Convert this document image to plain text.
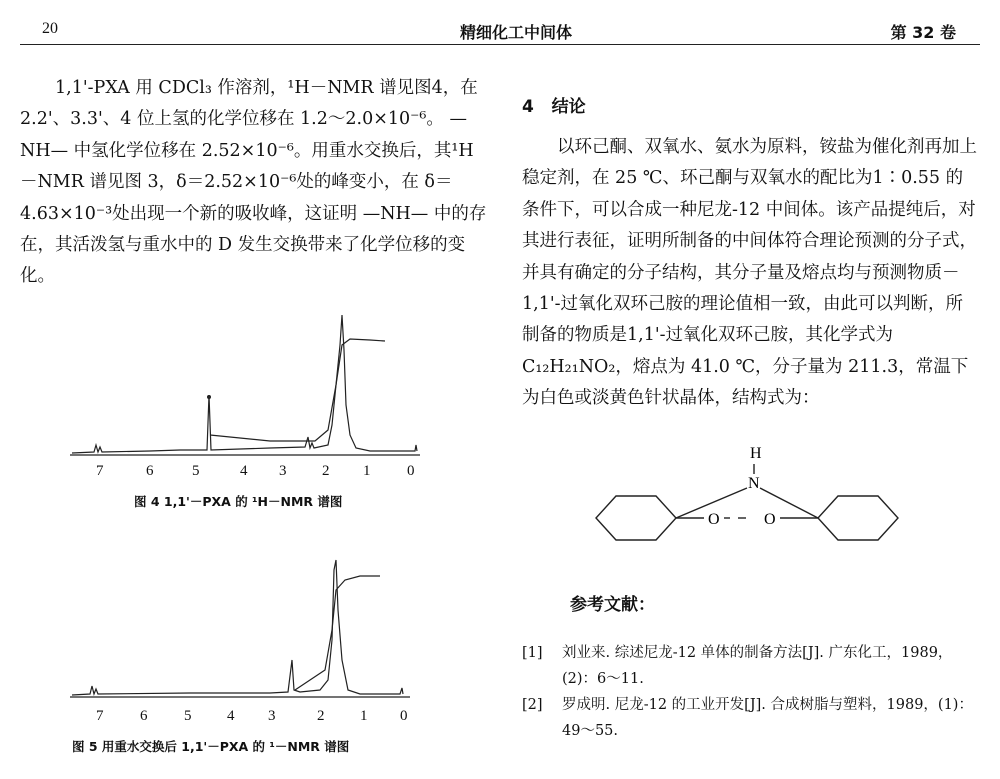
20	精细化工中间体	第 32 卷

1,1'-PXA 用 CDCl₃ 作溶剂，¹H－NMR 谱见图4，在 2.2'、3.3'、4 位上氢的化学位移在 1.2～2.0×10⁻⁶。 —NH— 中氢化学位移在 2.52×10⁻⁶。用重水交换后，其¹H－NMR 谱见图 3，δ＝2.52×10⁻⁶处的峰变小，在 δ＝4.63×10⁻³处出现一个新的吸收峰，这证明 —NH— 中的存在，其活泼氢与重水中的 D 发生交换带来了化学位移的变化。

7	6	5	4 3 2 1 0
图 4 1,1'－PXA 的 ¹H－NMR 谱图
7 6 5 4 3	2 1 0
图 5 用重水交换后 1,1'－PXA 的 ¹－NMR 谱图
4 结论

以环己酮、双氧水、氨水为原料，铵盐为催化剂再加上稳定剂，在 25 ℃、环己酮与双氧水的配比为1∶0.55 的条件下，可以合成一种尼龙-12 中间体。该产品提纯后，对其进行表征，证明所制备的中间体符合理论预测的分子式，并具有确定的分子结构，其分子量及熔点均与预测物质－1,1'-过氧化双环己胺的理论值相一致，由此可以判断，所制备的物质是1,1'-过氧化双环己胺，其化学式为 C₁₂H₂₁NO₂，熔点为 41.0 ℃，分子量为 211.3，常温下为白色或淡黄色针状晶体，结构式为：

H
N
O	O
参考文献：
[1] 刘业来. 综述尼龙-12 单体的制备方法[J]. 广东化工，1989，
(2)：6～11.
[2] 罗成明. 尼龙-12 的工业开发[J]. 合成树脂与塑料，1989，(1)：
49～55.
